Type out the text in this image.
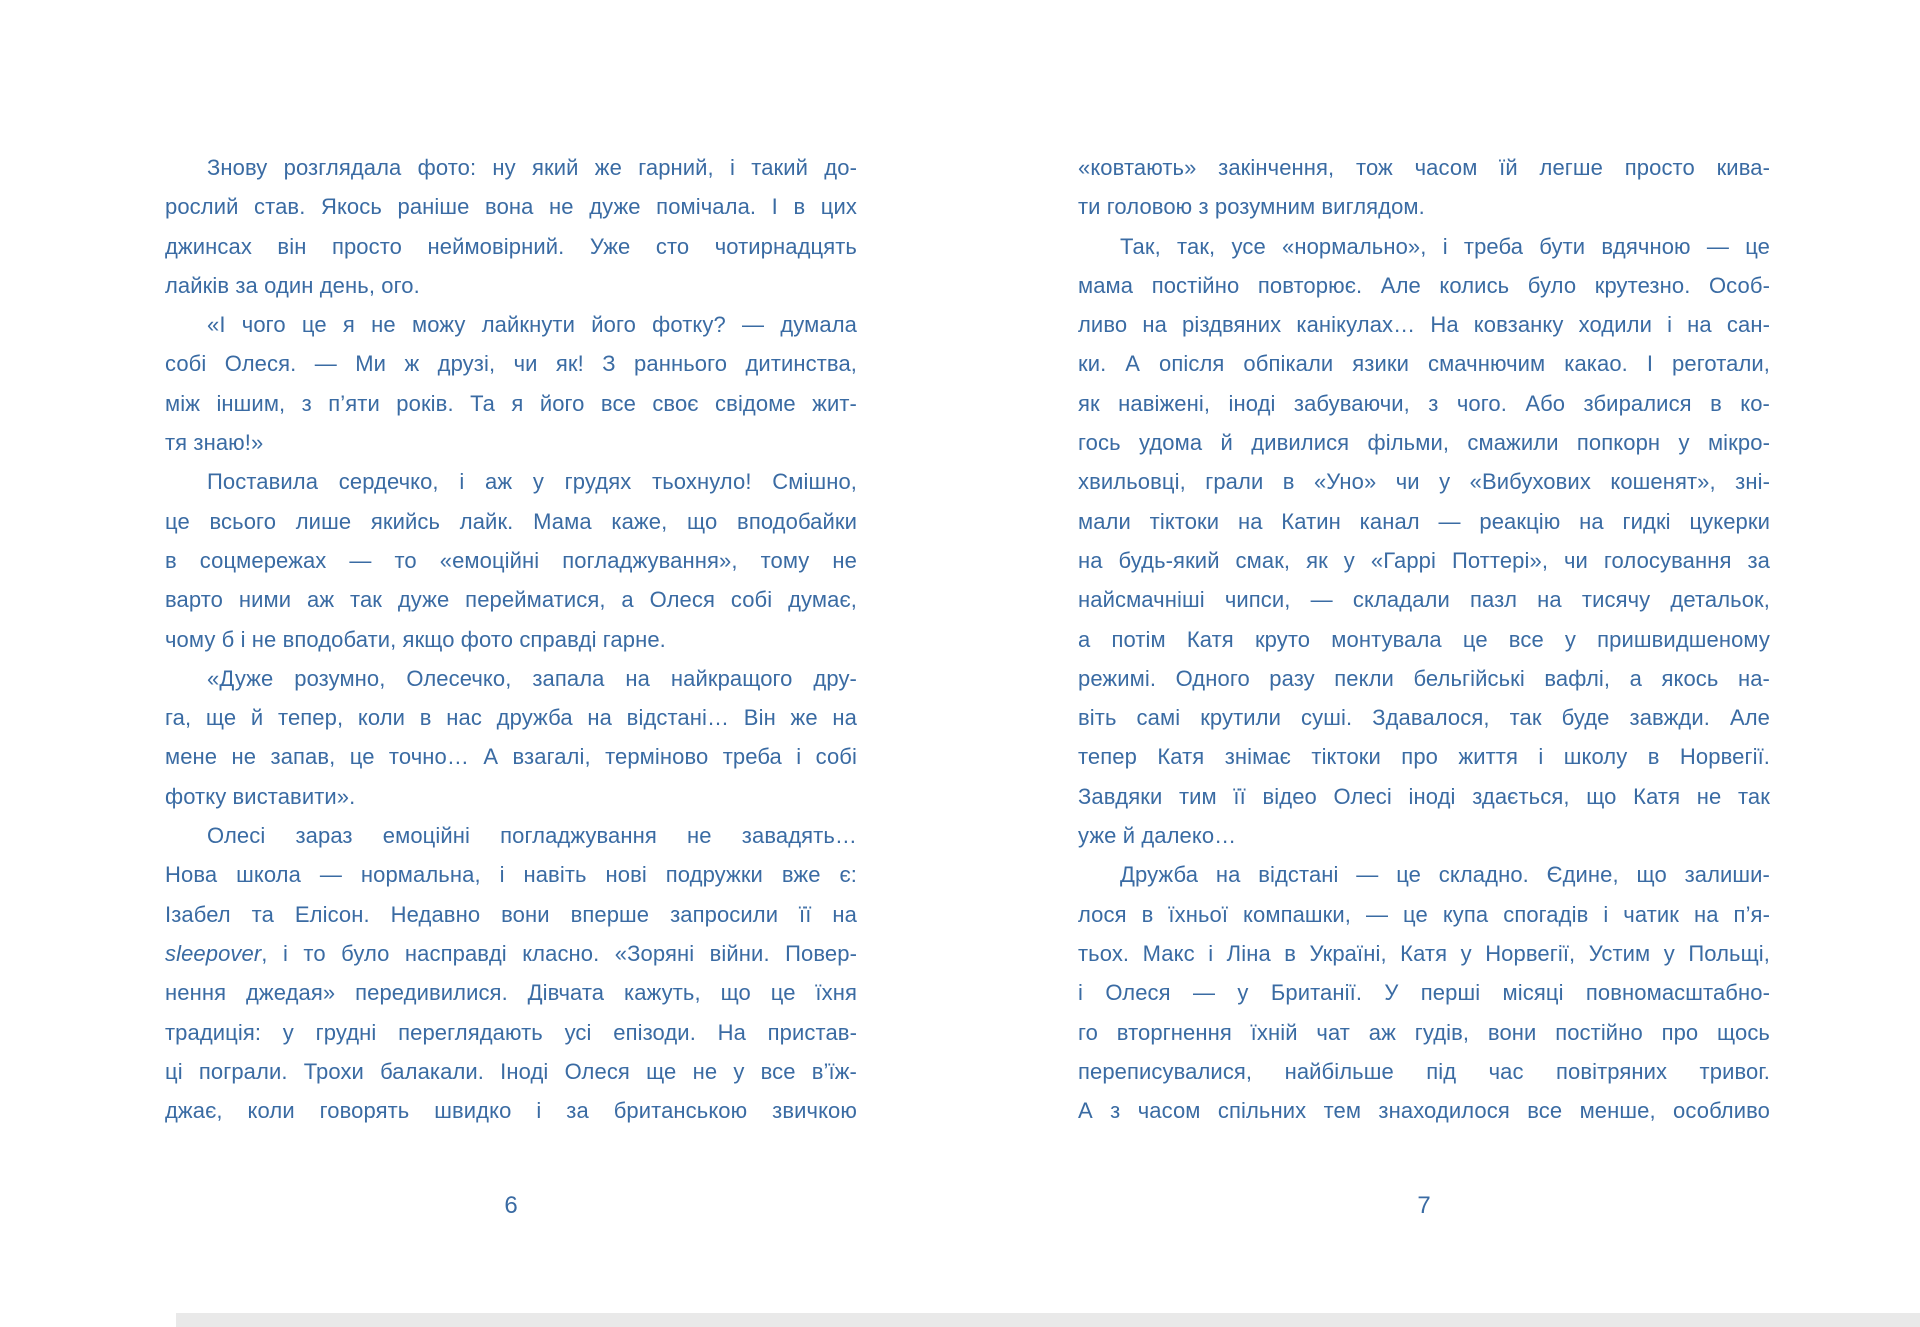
Знову розглядала фото: ну який же гарний, і такий до-
рослий став. Якось раніше вона не дуже помічала. І в цих
джинсах він просто неймовірний. Уже сто чотирнадцять
лайків за один день, ого.
«І чого це я не можу лайкнути його фотку? — думала
собі Олеся. — Ми ж друзі, чи як! З раннього дитинства,
між іншим, з п’яти років. Та я його все своє свідоме жит-
тя знаю!»
Поставила сердечко, і аж у грудях тьохнуло! Смішно,
це всього лише якийсь лайк. Мама каже, що вподобайки
в соцмережах — то «емоційні погладжування», тому не
варто ними аж так дуже перейматися, а Олеся собі думає,
чому б і не вподобати, якщо фото справді гарне.
«Дуже розумно, Олесечко, запала на найкращого дру-
га, ще й тепер, коли в нас дружба на відстані… Він же на
мене не запав, це точно… А взагалі, терміново треба і собі
фотку виставити».
Олесі зараз емоційні погладжування не завадять…
Нова школа — нормальна, і навіть нові подружки вже є:
Ізабел та Елісон. Недавно вони вперше запросили її на
sleepover, і то було насправді класно. «Зоряні війни. Повер-
нення джедая» передивилися. Дівчата кажуть, що це їхня
традиція: у грудні переглядають усі епізоди. На пристав-
ці пограли. Трохи балакали. Іноді Олеся ще не у все в’їж-
джає, коли говорять швидко і за британською звичкою
6
«ковтають» закінчення, тож часом їй легше просто кива-
ти головою з розумним виглядом.
Так, так, усе «нормально», і треба бути вдячною — це
мама постійно повторює. Але колись було крутезно. Особ-
ливо на різдвяних канікулах… На ковзанку ходили і на сан-
ки. А опісля обпікали язики смачнючим какао. І реготали,
як навіжені, іноді забуваючи, з чого. Або збиралися в ко-
гось удома й дивилися фільми, смажили попкорн у мікро-
хвильовці, грали в «Уно» чи у «Вибухових кошенят», зні-
мали тіктоки на Катин канал — реакцію на гидкі цукерки
на будь-який смак, як у «Гаррі Поттері», чи голосування за
найсмачніші чипси, — складали пазл на тисячу детальок,
а потім Катя круто монтувала це все у пришвидшеному
режимі. Одного разу пекли бельгійські вафлі, а якось на-
віть самі крутили суші. Здавалося, так буде завжди. Але
тепер Катя знімає тіктоки про життя і школу в Норвегії.
Завдяки тим її відео Олесі іноді здається, що Катя не так
уже й далеко…
Дружба на відстані — це складно. Єдине, що залиши-
лося в їхньої компашки, — це купа спогадів і чатик на п’я-
тьох. Макс і Ліна в Україні, Катя у Норвегії, Устим у Польщі,
і Олеся — у Британії. У перші місяці повномасштабно-
го вторгнення їхній чат аж гудів, вони постійно про щось
переписувалися, найбільше під час повітряних тривог.
А з часом спільних тем знаходилося все менше, особливо
7
